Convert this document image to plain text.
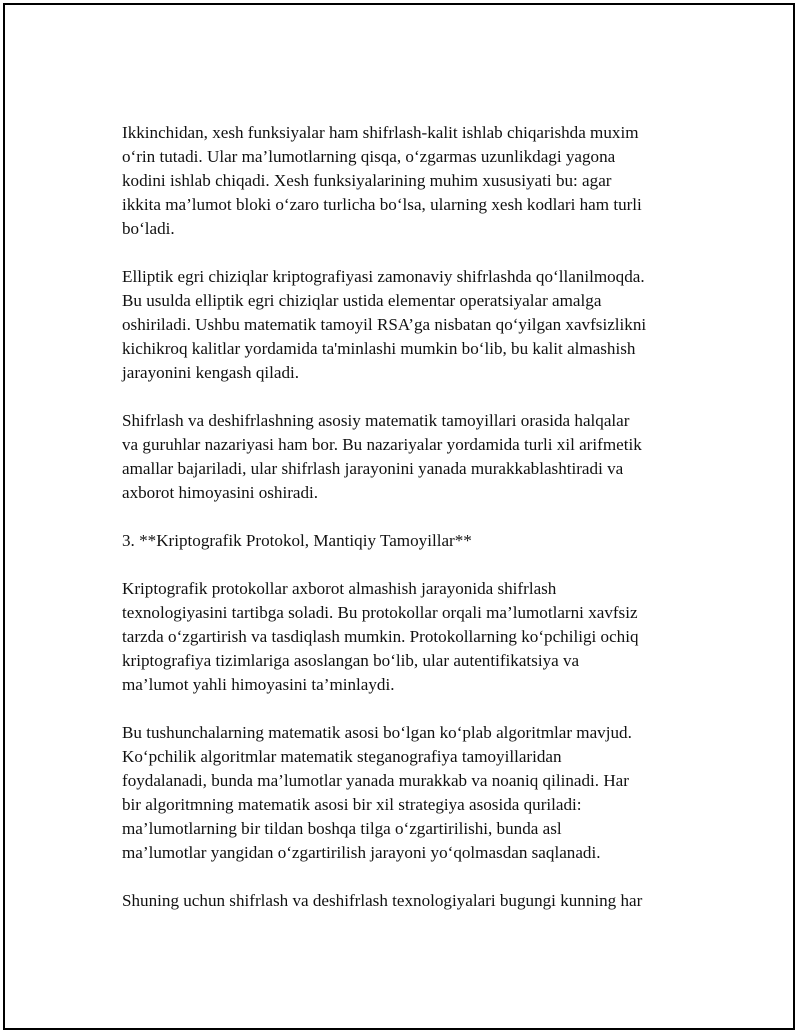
Ikkinchidan, xesh funksiyalar ham shifrlash-kalit ishlab chiqarishda muxim
o‘rin tutadi. Ular ma’lumotlarning qisqa, o‘zgarmas uzunlikdagi yagona
kodini ishlab chiqadi. Xesh funksiyalarining muhim xususiyati bu: agar
ikkita ma’lumot bloki o‘zaro turlicha bo‘lsa, ularning xesh kodlari ham turli
bo‘ladi.

Elliptik egri chiziqlar kriptografiyasi zamonaviy shifrlashda qo‘llanilmoqda.
Bu usulda elliptik egri chiziqlar ustida elementar operatsiyalar amalga
oshiriladi. Ushbu matematik tamoyil RSA’ga nisbatan qo‘yilgan xavfsizlikni
kichikroq kalitlar yordamida ta'minlashi mumkin bo‘lib, bu kalit almashish
jarayonini kengash qiladi.

Shifrlash va deshifrlashning asosiy matematik tamoyillari orasida halqalar
va guruhlar nazariyasi ham bor. Bu nazariyalar yordamida turli xil arifmetik
amallar bajariladi, ular shifrlash jarayonini yanada murakkablashtiradi va
axborot himoyasini oshiradi.

3. **Kriptografik Protokol, Mantiqiy Tamoyillar**

Kriptografik protokollar axborot almashish jarayonida shifrlash
texnologiyasini tartibga soladi. Bu protokollar orqali ma’lumotlarni xavfsiz
tarzda o‘zgartirish va tasdiqlash mumkin. Protokollarning ko‘pchiligi ochiq
kriptografiya tizimlariga asoslangan bo‘lib, ular autentifikatsiya va
ma’lumot yahli himoyasini ta’minlaydi.

Bu tushunchalarning matematik asosi bo‘lgan ko‘plab algoritmlar mavjud.
Ko‘pchilik algoritmlar matematik steganografiya tamoyillaridan
foydalanadi, bunda ma’lumotlar yanada murakkab va noaniq qilinadi. Har
bir algoritmning matematik asosi bir xil strategiya asosida quriladi:
ma’lumotlarning bir tildan boshqa tilga o‘zgartirilishi, bunda asl
ma’lumotlar yangidan o‘zgartirilish jarayoni yo‘qolmasdan saqlanadi.

Shuning uchun shifrlash va deshifrlash texnologiyalari bugungi kunning har
